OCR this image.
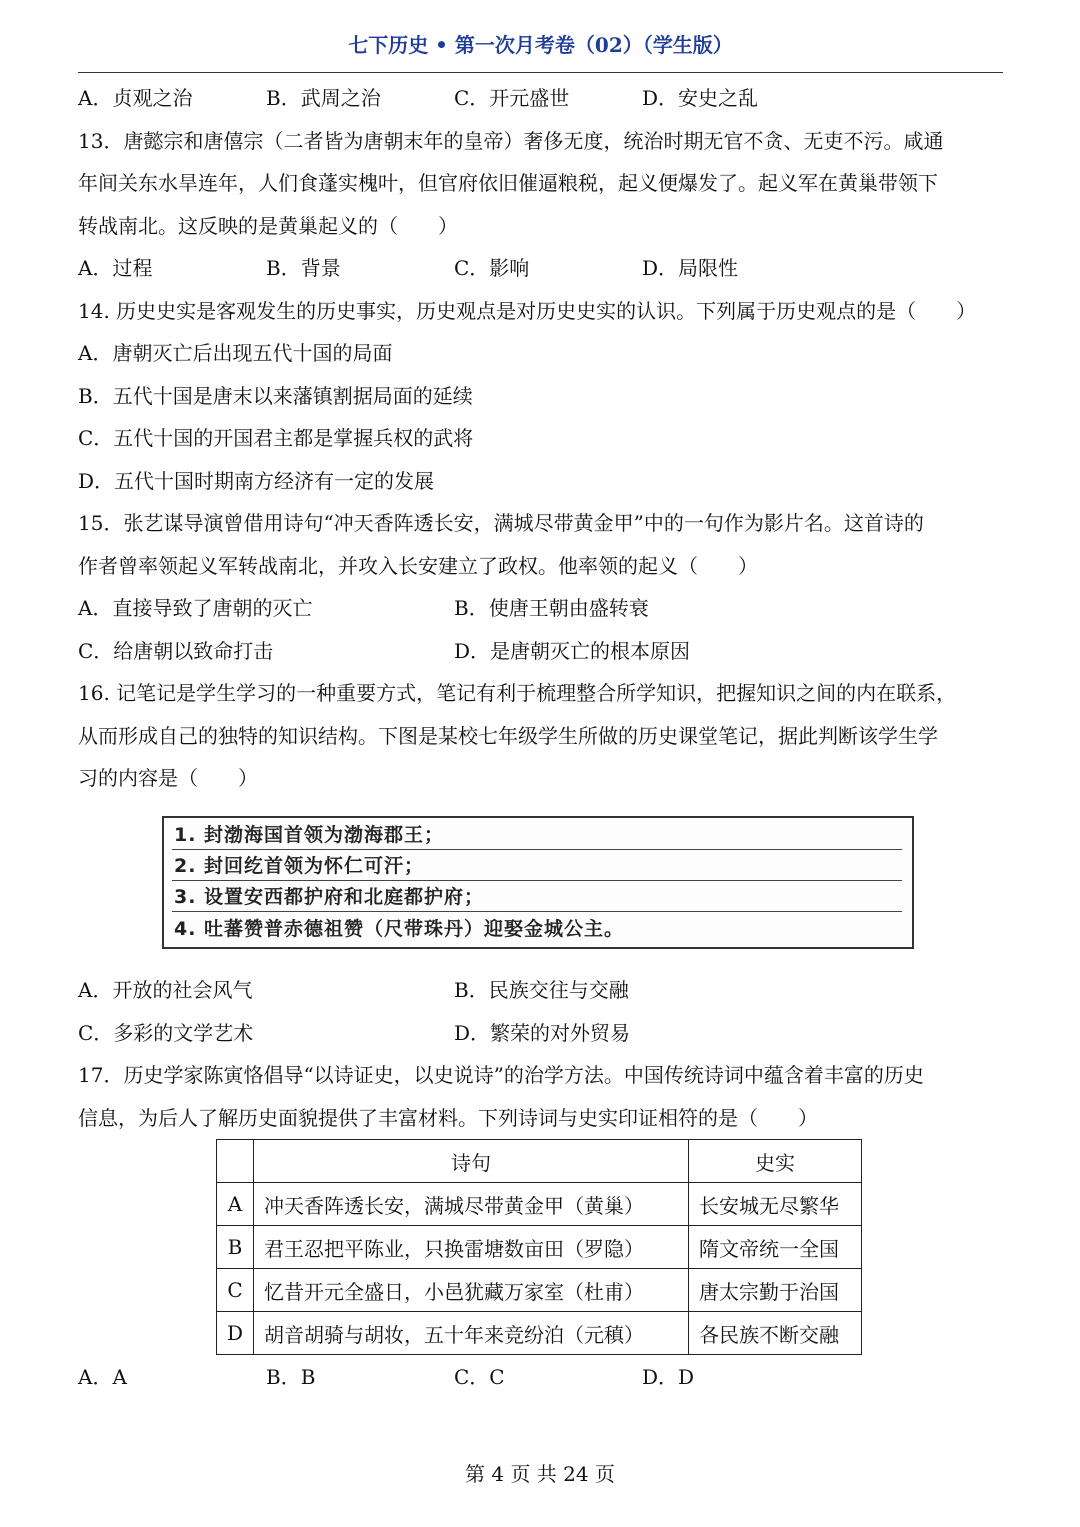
七下历史 • 第一次月考卷（02）（学生版）
A．贞观之治	B．武周之治	C．开元盛世	D．安史之乱
13．唐懿宗和唐僖宗（二者皆为唐朝末年的皇帝）奢侈无度，统治时期无官不贪、无吏不污。咸通
年间关东水旱连年，人们食蓬实槐叶，但官府依旧催逼粮税，起义便爆发了。起义军在黄巢带领下
转战南北。这反映的是黄巢起义的（　　）
A．过程	B．背景	C．影响	D．局限性
14. 历史史实是客观发生的历史事实，历史观点是对历史史实的认识。下列属于历史观点的是（　　）
A．唐朝灭亡后出现五代十国的局面
B．五代十国是唐末以来藩镇割据局面的延续
C．五代十国的开国君主都是掌握兵权的武将
D．五代十国时期南方经济有一定的发展
15．张艺谋导演曾借用诗句“冲天香阵透长安，满城尽带黄金甲”中的一句作为影片名。这首诗的
作者曾率领起义军转战南北，并攻入长安建立了政权。他率领的起义（　　）
A．直接导致了唐朝的灭亡	B．使唐王朝由盛转衰
C．给唐朝以致命打击	D．是唐朝灭亡的根本原因
16. 记笔记是学生学习的一种重要方式，笔记有利于梳理整合所学知识，把握知识之间的内在联系，
从而形成自己的独特的知识结构。下图是某校七年级学生所做的历史课堂笔记，据此判断该学生学
习的内容是（　　）
1. 封渤海国首领为渤海郡王；
2. 封回纥首领为怀仁可汗；
3. 设置安西都护府和北庭都护府；
4. 吐蕃赞普赤德祖赞（尺带珠丹）迎娶金城公主。
A．开放的社会风气	B．民族交往与交融
C．多彩的文学艺术	D．繁荣的对外贸易
17．历史学家陈寅恪倡导“以诗证史，以史说诗”的治学方法。中国传统诗词中蕴含着丰富的历史
信息，为后人了解历史面貌提供了丰富材料。下列诗词与史实印证相符的是（　　）
	诗句	史实
A	冲天香阵透长安，满城尽带黄金甲（黄巢）	长安城无尽繁华
B	君王忍把平陈业，只换雷塘数亩田（罗隐）	隋文帝统一全国
C	忆昔开元全盛日，小邑犹藏万家室（杜甫）	唐太宗勤于治国
D	胡音胡骑与胡妆，五十年来竞纷泊（元稹）	各民族不断交融
A．A	B．B	C．C	D．D
第 4 页 共 24 页
